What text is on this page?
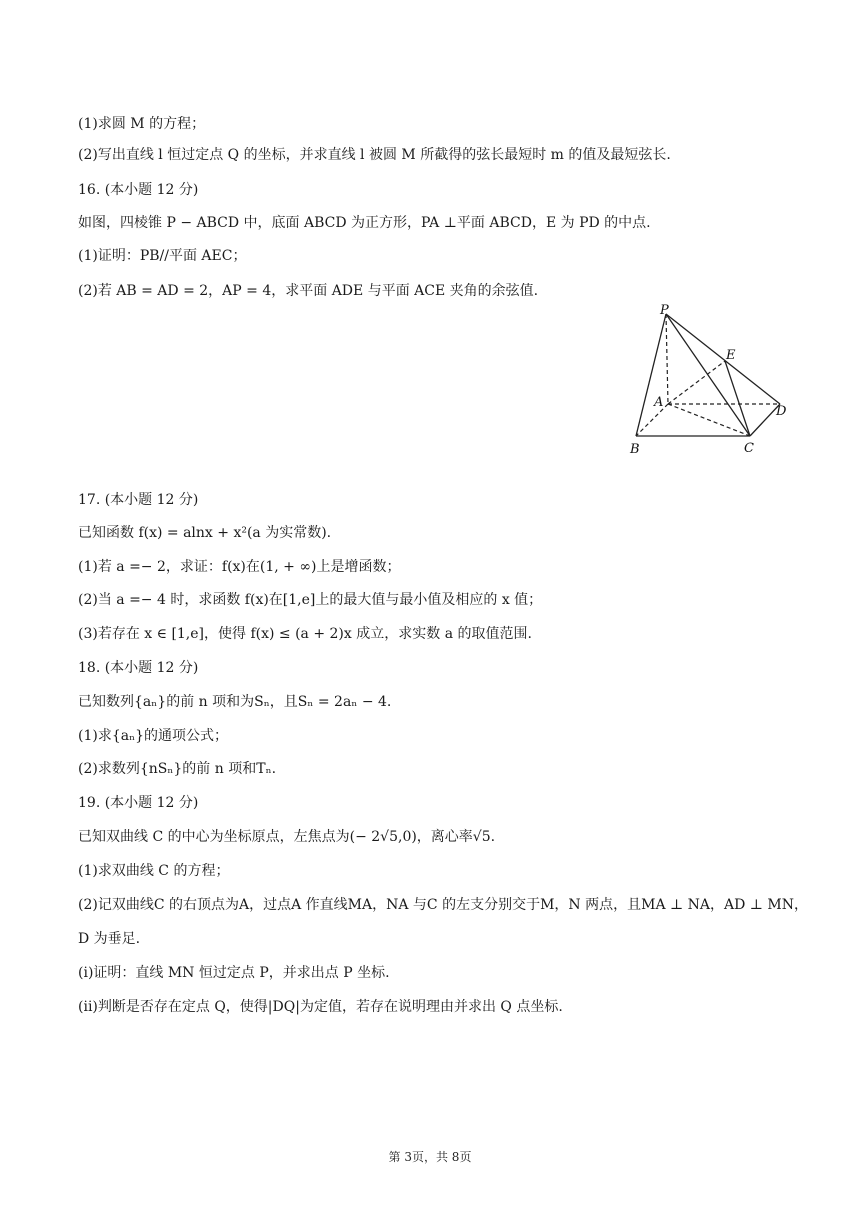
(1)求圆 M 的方程；
(2)写出直线 l 恒过定点 Q 的坐标，并求直线 l 被圆 M 所截得的弦长最短时 m 的值及最短弦长.
16. (本小题 12 分)
如图，四棱锥 P − ABCD 中，底面 ABCD 为正方形，PA ⊥平面 ABCD，E 为 PD 的中点.
(1)证明：PB//平面 AEC；
(2)若 AB = AD = 2，AP = 4，求平面 ADE 与平面 ACE 夹角的余弦值.
17. (本小题 12 分)
已知函数 f(x) = alnx + x²(a 为实常数).
(1)若 a =− 2，求证：f(x)在(1, + ∞)上是增函数；
(2)当 a =− 4 时，求函数 f(x)在[1,e]上的最大值与最小值及相应的 x 值；
(3)若存在 x ∈ [1,e]，使得 f(x) ≤ (a + 2)x 成立，求实数 a 的取值范围.
18. (本小题 12 分)
已知数列{aₙ}的前 n 项和为Sₙ，且Sₙ = 2aₙ − 4.
(1)求{aₙ}的通项公式；
(2)求数列{nSₙ}的前 n 项和Tₙ.
19. (本小题 12 分)
已知双曲线 C 的中心为坐标原点，左焦点为(− 2√5,0)，离心率√5.
(1)求双曲线 C 的方程；
(2)记双曲线C 的右顶点为A，过点A 作直线MA，NA 与C 的左支分别交于M，N 两点，且MA ⊥ NA，AD ⊥ MN，
D 为垂足.
(i)证明：直线 MN 恒过定点 P，并求出点 P 坐标.
(ii)判断是否存在定点 Q，使得|DQ|为定值，若存在说明理由并求出 Q 点坐标.
P
E
A
D
B	C
第 3页，共 8页
